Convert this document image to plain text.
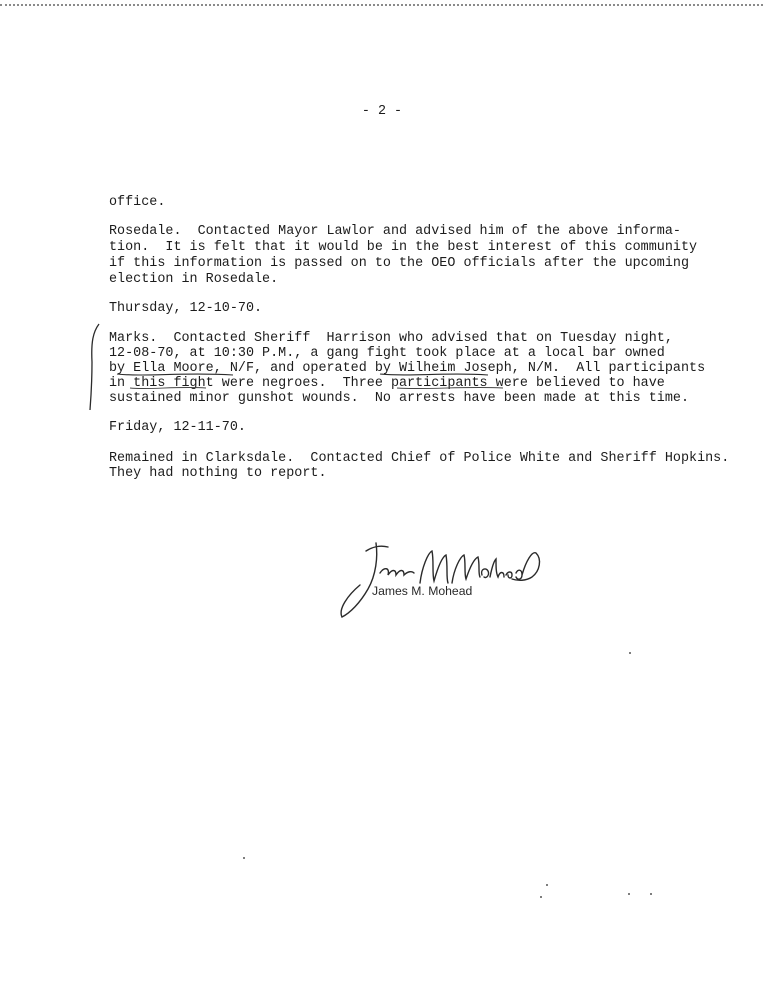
- 2 -
office.
Rosedale.  Contacted Mayor Lawlor and advised him of the above informa-
tion.  It is felt that it would be in the best interest of this community
if this information is passed on to the OEO officials after the upcoming
election in Rosedale.
Thursday, 12-10-70.
Marks.  Contacted Sheriff  Harrison who advised that on Tuesday night,
12-08-70, at 10:30 P.M., a gang fight took place at a local bar owned
by Ella Moore, N/F, and operated by Wilheim Joseph, N/M.  All participants
in this fight were negroes.  Three participants were believed to have
sustained minor gunshot wounds.  No arrests have been made at this time.
Friday, 12-11-70.
Remained in Clarksdale.  Contacted Chief of Police White and Sheriff Hopkins.
They had nothing to report.
James M. Mohead
